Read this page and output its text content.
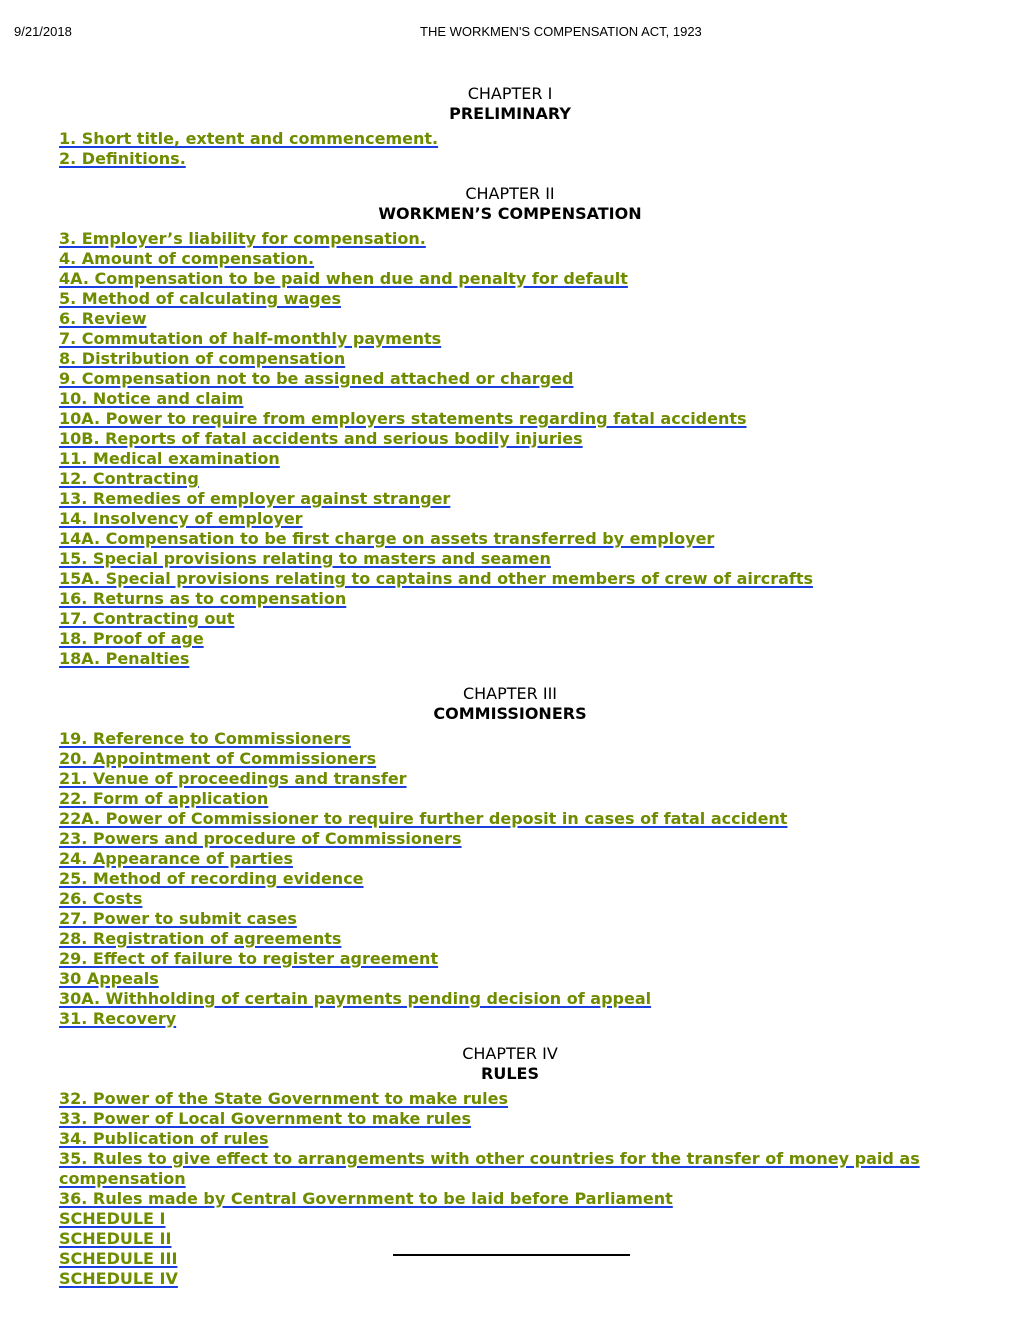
9/21/2018	THE WORKMEN'S COMPENSATION ACT, 1923
CHAPTER I
PRELIMINARY
1. Short title, extent and commencement.
2. Definitions.
CHAPTER II
WORKMEN’S COMPENSATION
3. Employer’s liability for compensation.
4. Amount of compensation.
4A. Compensation to be paid when due and penalty for default
5. Method of calculating wages
6. Review
7. Commutation of half-monthly payments
8. Distribution of compensation
9. Compensation not to be assigned attached or charged
10. Notice and claim
10A. Power to require from employers statements regarding fatal accidents
10B. Reports of fatal accidents and serious bodily injuries
11. Medical examination
12. Contracting
13. Remedies of employer against stranger
14. Insolvency of employer
14A. Compensation to be first charge on assets transferred by employer
15. Special provisions relating to masters and seamen
15A. Special provisions relating to captains and other members of crew of aircrafts
16. Returns as to compensation
17. Contracting out
18. Proof of age
18A. Penalties
CHAPTER III
COMMISSIONERS
19. Reference to Commissioners
20. Appointment of Commissioners
21. Venue of proceedings and transfer
22. Form of application
22A. Power of Commissioner to require further deposit in cases of fatal accident
23. Powers and procedure of Commissioners
24. Appearance of parties
25. Method of recording evidence
26. Costs
27. Power to submit cases
28. Registration of agreements
29. Effect of failure to register agreement
30 Appeals
30A. Withholding of certain payments pending decision of appeal
31. Recovery
CHAPTER IV
RULES
32. Power of the State Government to make rules
33. Power of Local Government to make rules
34. Publication of rules
35. Rules to give effect to arrangements with other countries for the transfer of money paid as compensation
36. Rules made by Central Government to be laid before Parliament
SCHEDULE I
SCHEDULE II
SCHEDULE III
SCHEDULE IV
